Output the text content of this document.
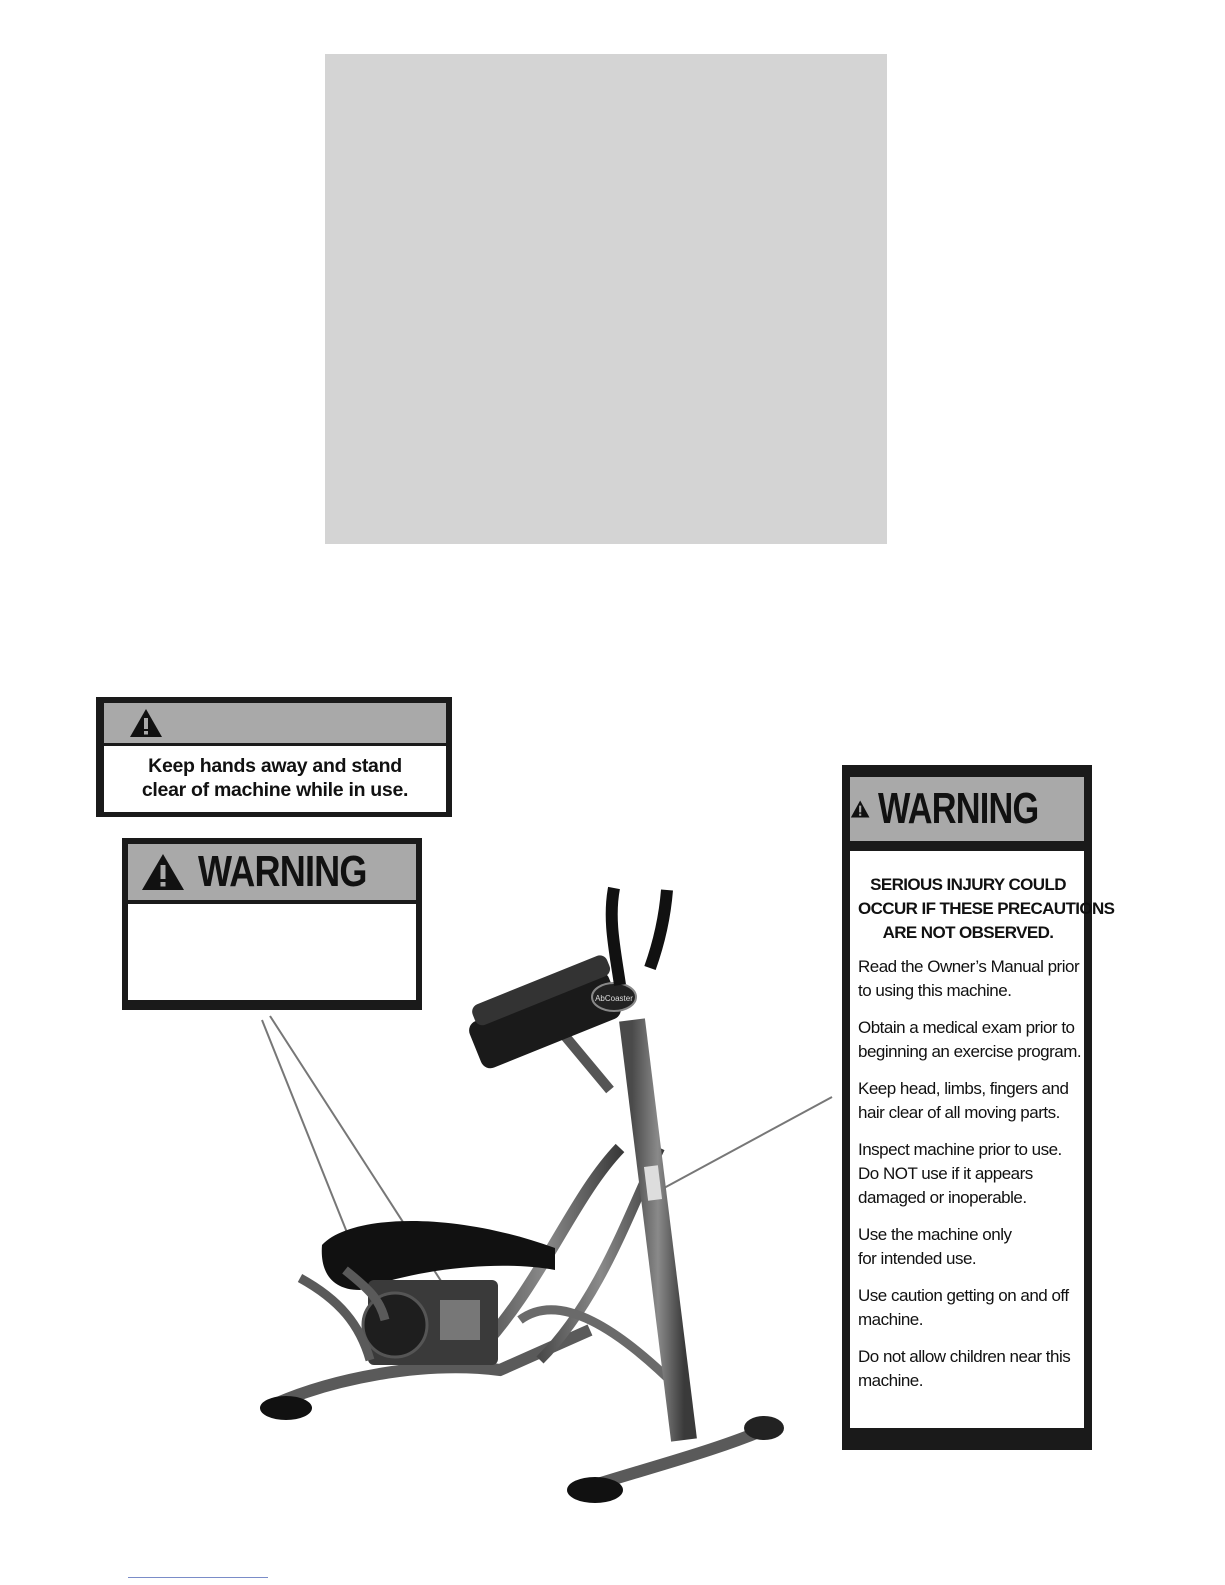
AbCoaster
Keep hands away and stand
clear of machine while in use.
WARNING
WARNING
SERIOUS INJURY COULD
OCCUR IF THESE PRECAUTIONS
ARE NOT OBSERVED.
Read the Owner’s Manual prior
to using this machine.
Obtain a medical exam prior to
beginning an exercise program.
Keep head, limbs, fingers and
hair clear of all moving parts.
Inspect machine prior to use.
Do NOT use if it appears
damaged or inoperable.
Use the machine only
for intended use.
Use caution getting on and off
machine.
Do not allow children near this
machine.
